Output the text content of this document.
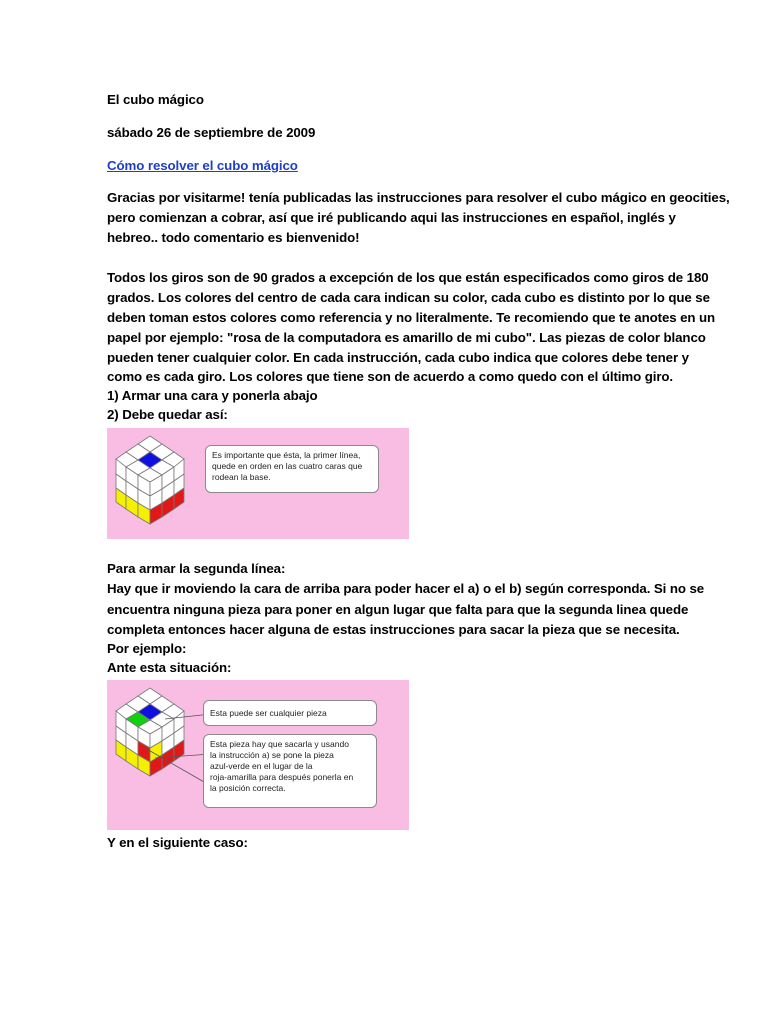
El cubo mágico
sábado 26 de septiembre de 2009
Cómo resolver el cubo mágico
Gracias por visitarme! tenía publicadas las instrucciones para resolver el cubo mágico en geocities,
pero comienzan a cobrar, así que iré publicando aqui las instrucciones en español, inglés y
hebreo.. todo comentario es bienvenido!
Todos los giros son de 90 grados a excepción de los que están especificados como giros de 180
grados. Los colores del centro de cada cara indican su color, cada cubo es distinto por lo que se
deben toman estos colores como referencia y no literalmente. Te recomiendo que te anotes en un
papel por ejemplo: "rosa de la computadora es amarillo de mi cubo". Las piezas de color blanco
pueden tener cualquier color. En cada instrucción, cada cubo indica que colores debe tener y
como es cada giro. Los colores que tiene son de acuerdo a como quedo con el último giro.
1) Armar una cara y ponerla abajo
2) Debe quedar así:
Es importante que ésta, la primer línea,
quede en orden en las cuatro caras que
rodean la base.
Para armar la segunda línea:
Hay que ir moviendo la cara de arriba para poder hacer el a) o el b) según corresponda. Si no se
encuentra ninguna pieza para poner en algun lugar que falta para que la segunda linea quede
completa entonces hacer alguna de estas instrucciones para sacar la pieza que se necesita.
Por ejemplo:
Ante esta situación:
Esta puede ser cualquier pieza
Esta pieza hay que sacarla y usando
la instrucción a) se pone la pieza
azul-verde en el lugar de la
roja-amarilla para después ponerla en
la posición correcta.
Y en el siguiente caso:
